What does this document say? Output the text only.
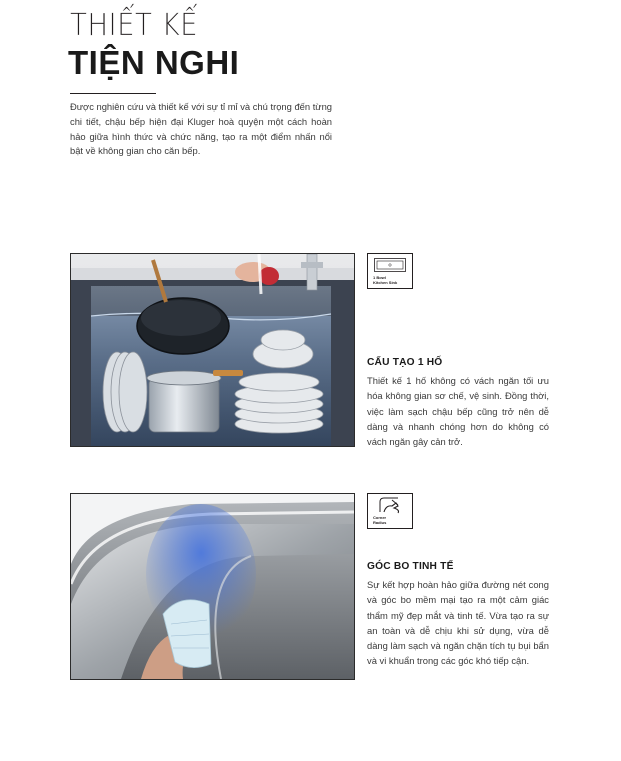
THIẾT KẾ
TIỆN NGHI
Được nghiên cứu và thiết kế với sự tỉ mỉ và chú trọng đến từng chi tiết, chậu bếp hiện đại Kluger hoà quyện một cách hoàn hảo giữa hình thức và chức năng, tạo ra một điểm nhấn nổi bật về không gian cho căn bếp.
1 Bowl
Kitchen Sink
CẤU TẠO 1 HỐ
Thiết kế 1 hố không có vách ngăn tối ưu hóa không gian sơ chế, vệ sinh. Đồng thời, việc làm sạch chậu bếp cũng trở nên dễ dàng và nhanh chóng hơn do không có vách ngăn gây cản trở.
Corner
Radius
GÓC BO TINH TẾ
Sự kết hợp hoàn hảo giữa đường nét cong và góc bo mềm mại tạo ra một cảm giác thẩm mỹ đẹp mắt và tinh tế. Vừa tạo ra sự an toàn và dễ chịu khi sử dụng, vừa dễ dàng làm sạch và ngăn chặn tích tụ bụi bẩn và vi khuẩn trong các góc khó tiếp cận.
